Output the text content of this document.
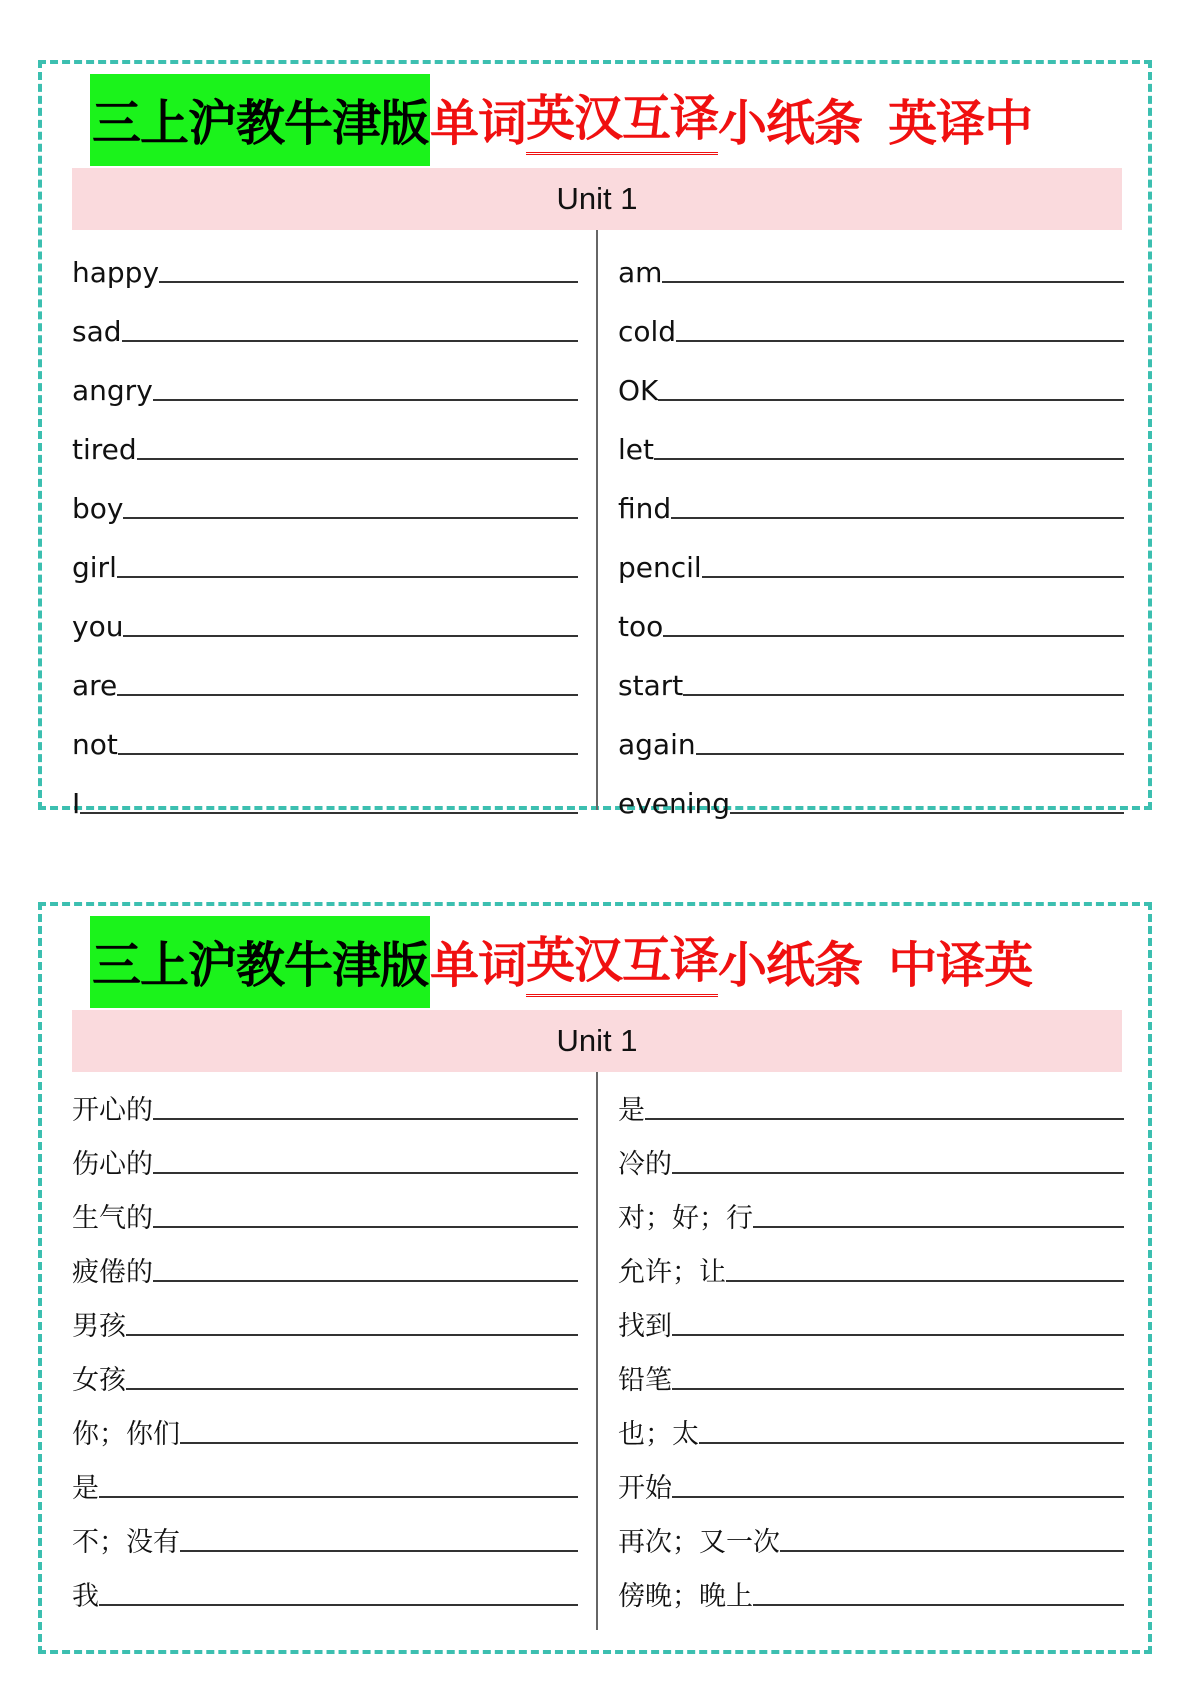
三上沪教牛津版 单词 英汉互译 小纸条 英译中
Unit 1
happy
sad
angry
tired
boy
girl
you
are
not
I
am
cold
OK
let
find
pencil
too
start
again
evening
三上沪教牛津版 单词 英汉互译 小纸条 中译英
Unit 1
开心的
伤心的
生气的
疲倦的
男孩
女孩
你；你们
是
不；没有
我
是
冷的
对；好；行
允许；让
找到
铅笔
也；太
开始
再次；又一次
傍晚；晚上
